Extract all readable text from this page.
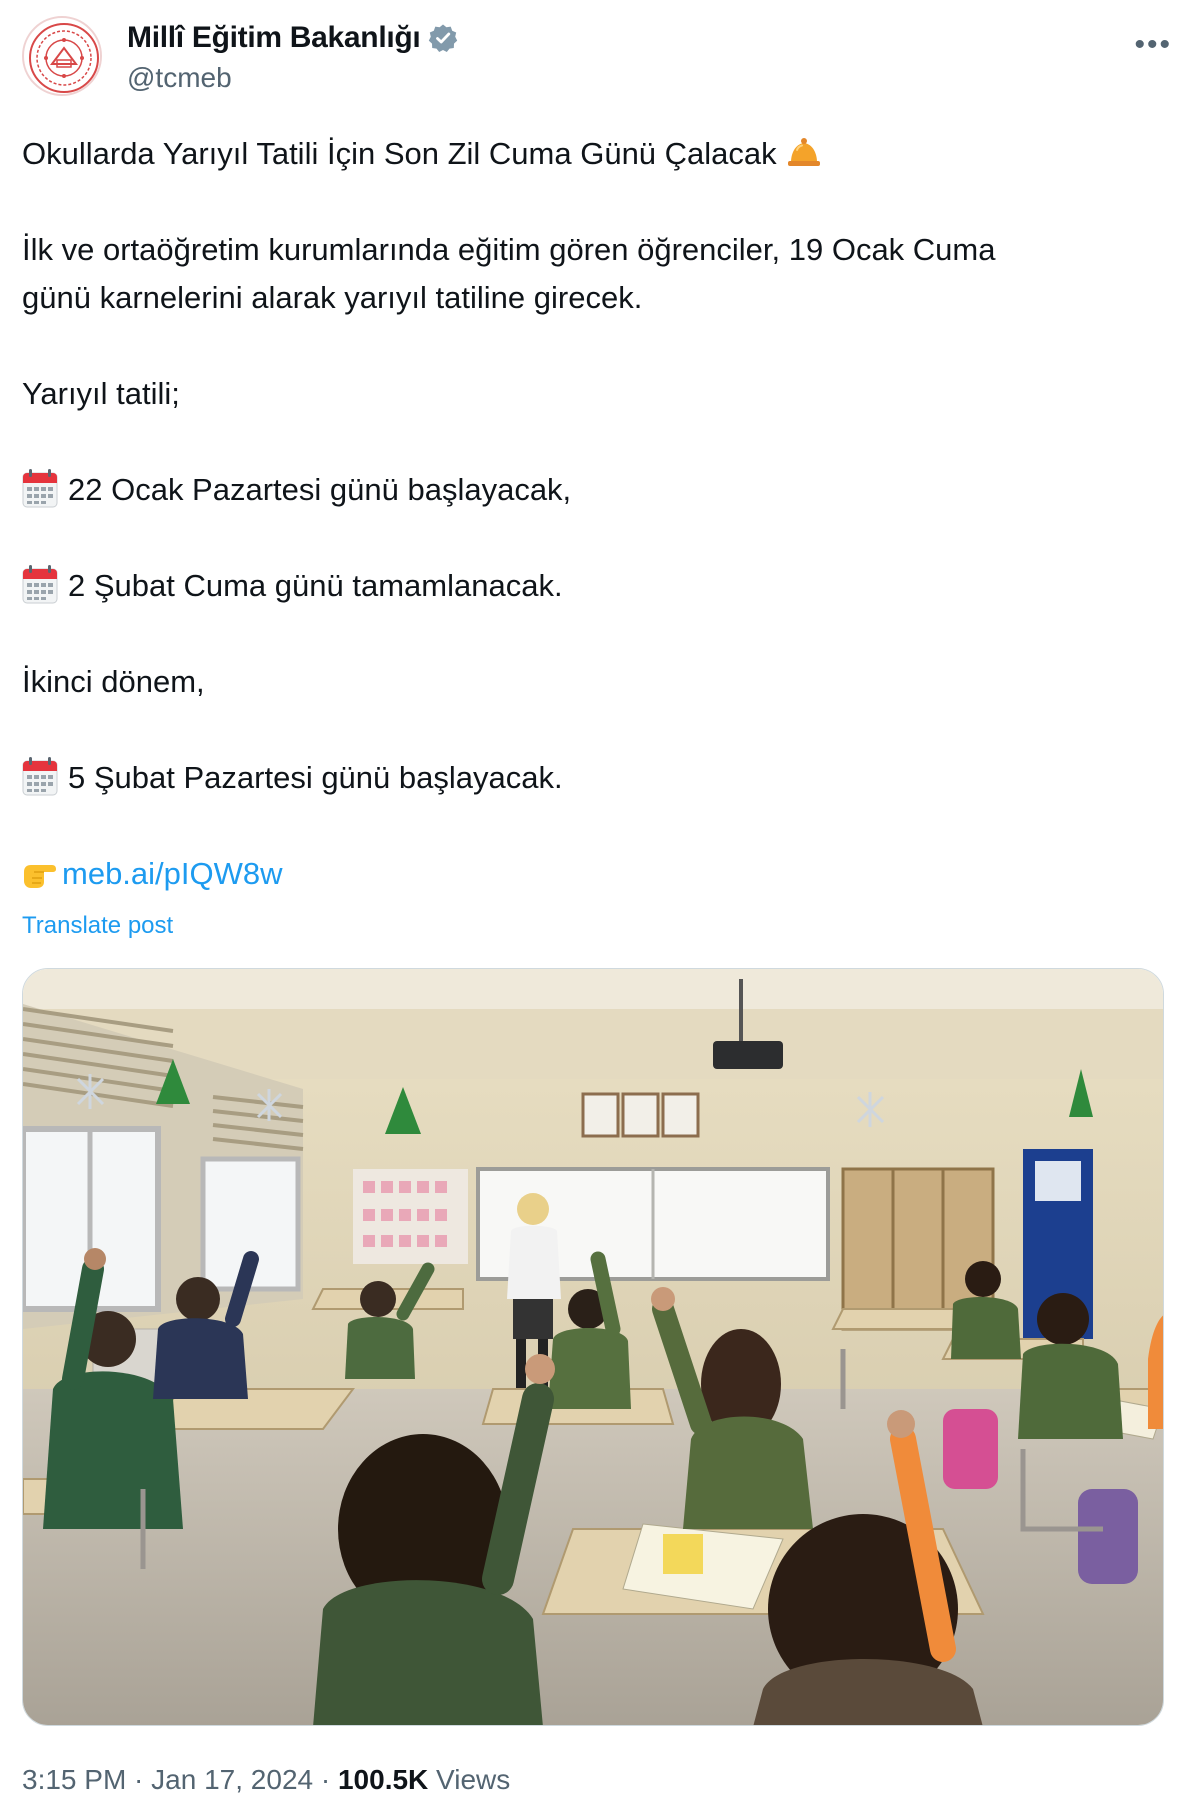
Millî Eğitim Bakanlığı
@tcmeb
•••
Okullarda Yarıyıl Tatili İçin Son Zil Cuma Günü Çalacak
İlk ve ortaöğretim kurumlarında eğitim gören öğrenciler, 19 Ocak Cuma
günü karnelerini alarak yarıyıl tatiline girecek.
Yarıyıl tatili;
22 Ocak Pazartesi günü başlayacak,
2 Şubat Cuma günü tamamlanacak.
İkinci dönem,
5 Şubat Pazartesi günü başlayacak.
meb.ai/pIQW8w
Translate post
3:15 PM · Jan 17, 2024 · 100.5K Views
